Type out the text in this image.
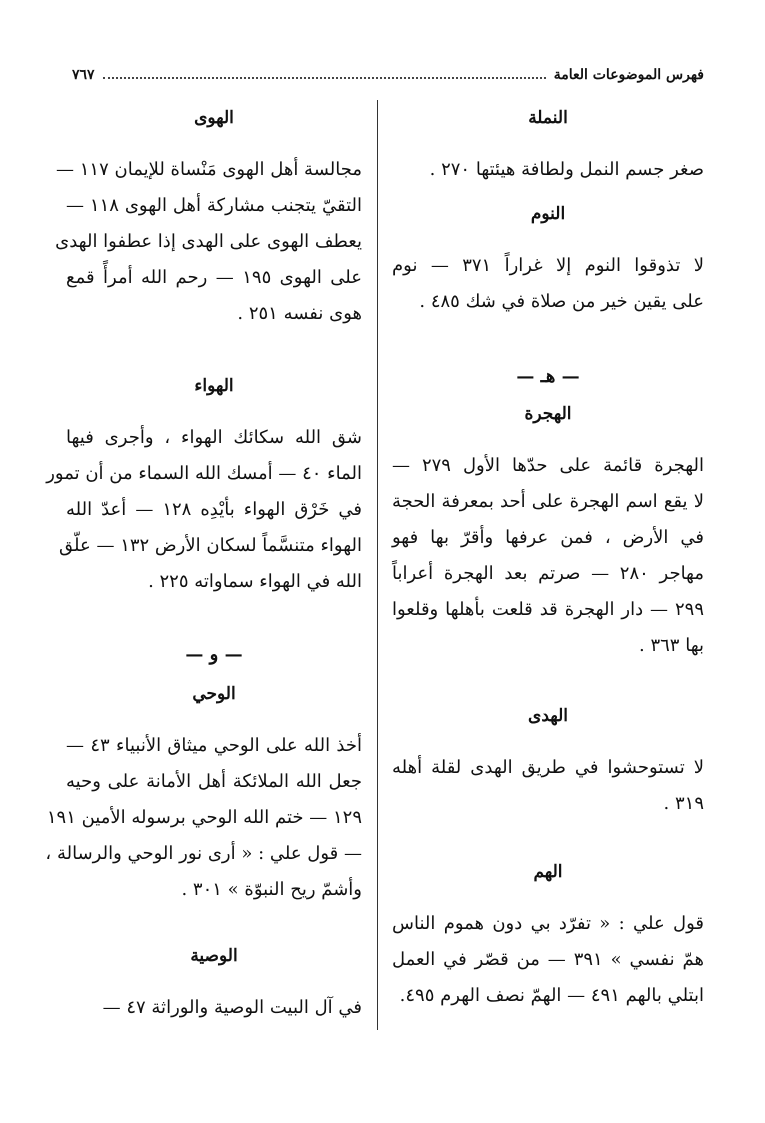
فهرس الموضوعات العامة
٧٦٧
النملة
صغر جسم النمل ولطافة هيئتها ٢٧٠ .
النوم
لا تذوقوا النوم إلا غراراً ٣٧١ — نوم
على يقين خير من صلاة في شك ٤٨٥ .
— هـ —
الهجرة
الهجرة قائمة على حدّها الأول ٢٧٩ —
لا يقع اسم الهجرة على أحد بمعرفة الحجة
في الأرض ، فمن عرفها وأقرّ بها فهو
مهاجر ٢٨٠ — صرتم بعد الهجرة أعراباً
٢٩٩ — دار الهجرة قد قلعت بأهلها وقلعوا
بها ٣٦٣ .
الهدى
لا تستوحشوا في طريق الهدى لقلة أهله
٣١٩ .
الهم
قول علي : « تفرّد بي دون هموم الناس
همّ نفسي » ٣٩١ — من قصّر في العمل
ابتلي بالهم ٤٩١ — الهمّ نصف الهرم ٤٩٥.
الهوى
مجالسة أهل الهوى مَنْساة للإيمان ١١٧ —
التقيّ يتجنب مشاركة أهل الهوى ١١٨ —
يعطف الهوى على الهدى إذا عطفوا الهدى
على الهوى ١٩٥ — رحم الله أمرأً قمع
هوى نفسه ٢٥١ .
الهواء
شق الله سكائك الهواء ، وأجرى فيها
الماء ٤٠ — أمسك الله السماء من أن تمور
في خَرْق الهواء بأيْدِه ١٢٨ — أعدّ الله
الهواء متنسَّماً لسكان الأرض ١٣٢ — علّق
الله في الهواء سماواته ٢٢٥ .
— و —
الوحي
أخذ الله على الوحي ميثاق الأنبياء ٤٣ —
جعل الله الملائكة أهل الأمانة على وحيه
١٢٩ — ختم الله الوحي برسوله الأمين ١٩١
— قول علي : « أرى نور الوحي والرسالة ،
وأشمّ ريح النبوّة » ٣٠١ .
الوصية
في آل البيت الوصية والوراثة ٤٧ —
